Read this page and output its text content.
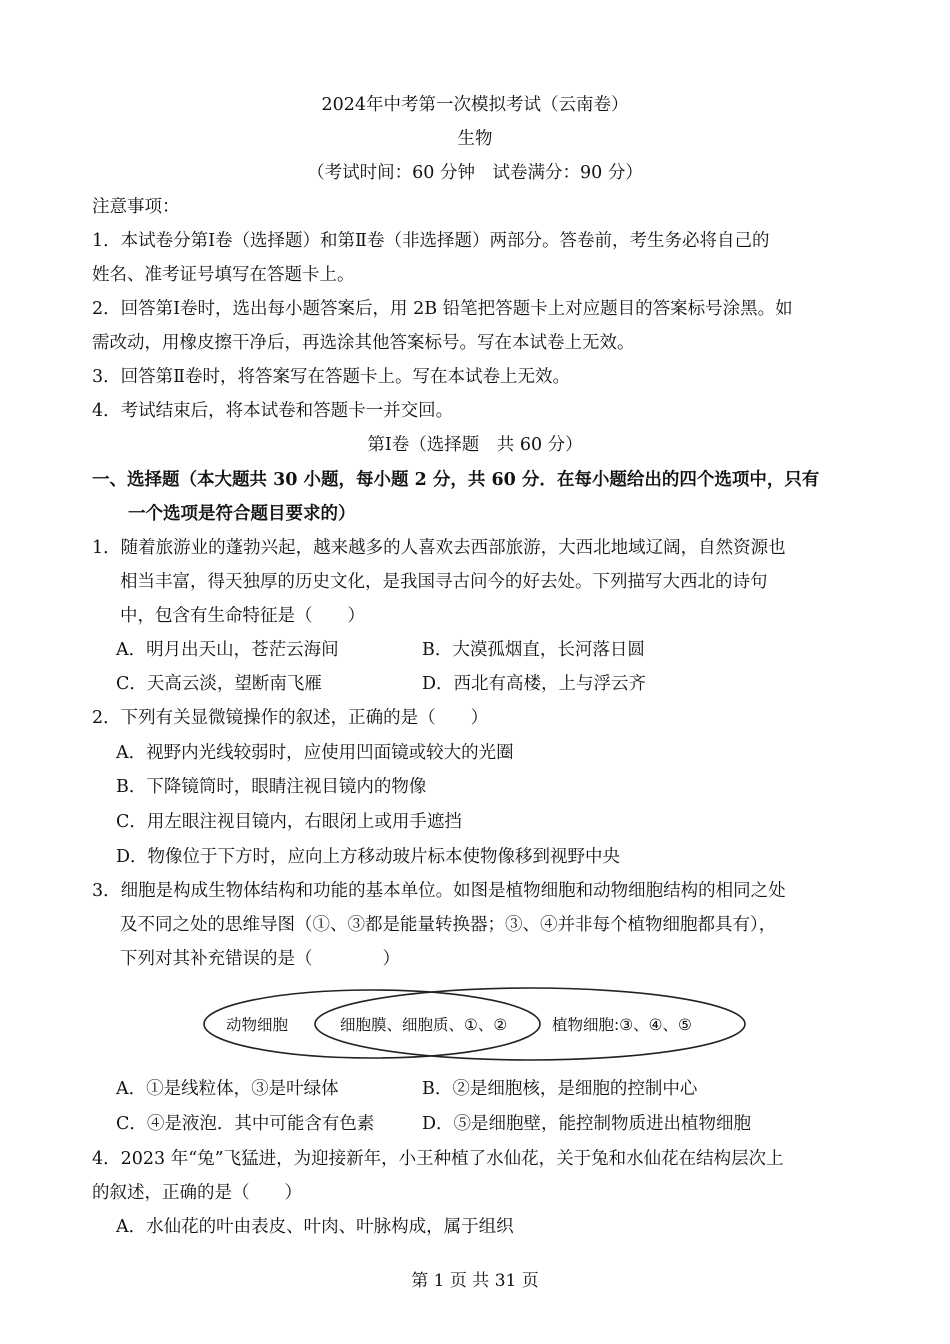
2024年中考第一次模拟考试（云南卷）
生物
（考试时间：60 分钟　试卷满分：90 分）
注意事项：
1．本试卷分第Ⅰ卷（选择题）和第Ⅱ卷（非选择题）两部分。答卷前，考生务必将自己的
姓名、准考证号填写在答题卡上。
2．回答第Ⅰ卷时，选出每小题答案后，用 2B 铅笔把答题卡上对应题目的答案标号涂黑。如
需改动，用橡皮擦干净后，再选涂其他答案标号。写在本试卷上无效。
3．回答第Ⅱ卷时，将答案写在答题卡上。写在本试卷上无效。
4．考试结束后，将本试卷和答题卡一并交回。
第Ⅰ卷（选择题　共 60 分）
一、选择题（本大题共 30 小题，每小题 2 分，共 60 分．在每小题给出的四个选项中，只有
一个选项是符合题目要求的）
1．随着旅游业的蓬勃兴起，越来越多的人喜欢去西部旅游，大西北地域辽阔，自然资源也
相当丰富，得天独厚的历史文化，是我国寻古问今的好去处。下列描写大西北的诗句
中，包含有生命特征是（　　）
A．明月出天山，苍茫云海间	B．大漠孤烟直，长河落日圆
C．天高云淡，望断南飞雁	D．西北有高楼，上与浮云齐
2．下列有关显微镜操作的叙述，正确的是（　　）
A．视野内光线较弱时，应使用凹面镜或较大的光圈
B．下降镜筒时，眼睛注视目镜内的物像
C．用左眼注视目镜内，右眼闭上或用手遮挡
D．物像位于下方时，应向上方移动玻片标本使物像移到视野中央
3．细胞是构成生物体结构和功能的基本单位。如图是植物细胞和动物细胞结构的相同之处
及不同之处的思维导图（①、③都是能量转换器；③、④并非每个植物细胞都具有），
下列对其补充错误的是（　　　　）
动物细胞	细胞膜、细胞质、①、②	植物细胞:③、④、⑤
A．①是线粒体，③是叶绿体	B．②是细胞核，是细胞的控制中心
C．④是液泡．其中可能含有色素	D．⑤是细胞壁，能控制物质进出植物细胞
4．2023 年“兔”飞猛进，为迎接新年，小王种植了水仙花，关于兔和水仙花在结构层次上
的叙述，正确的是（　　）
A．水仙花的叶由表皮、叶肉、叶脉构成，属于组织
第 1 页 共 31 页
